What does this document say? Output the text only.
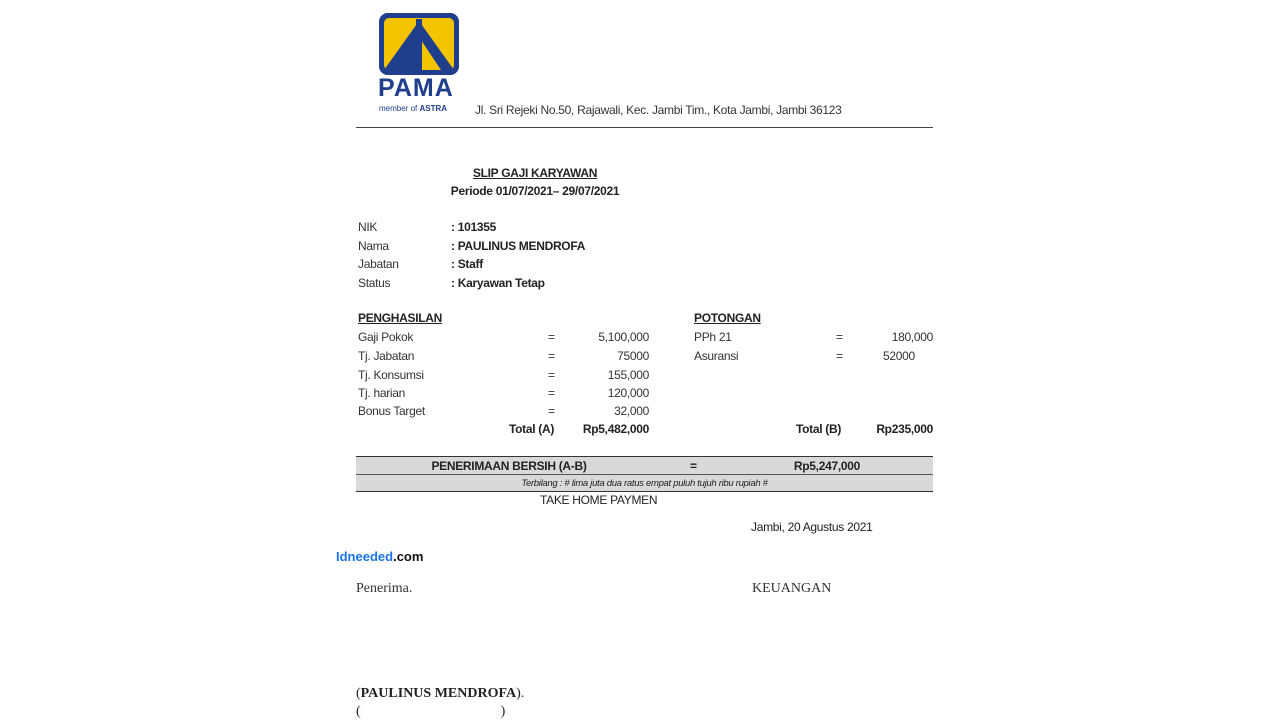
PAMA
member of ASTRA Jl. Sri Rejeki No.50, Rajawali, Kec. Jambi Tim., Kota Jambi, Jambi 36123
SLIP GAJI KARYAWAN
Periode 01/07/2021– 29/07/2021
NIK	: 101355
Nama	: PAULINUS MENDROFA
Jabatan	: Staff
Status	: Karyawan Tetap
PENGHASILAN
Gaji Pokok	=	5,100,000
Tj. Jabatan	=	75000
Tj. Konsumsi	=	155,000
Tj. harian	=	120,000
Bonus Target	=	32,000
Total (A)	Rp5,482,000
POTONGAN
PPh 21	=	180,000
Asuransi	=	52000
Total (B)	Rp235,000
PENERIMAAN BERSIH (A-B)	=	Rp5,247,000
Terbilang : # lima juta dua ratus empat puluh tujuh ribu rupiah #
TAKE HOME PAYMEN
Jambi, 20 Agustus 2021
Idneeded.com
Penerima.	KEUANGAN
(PAULINUS MENDROFA).
(	)
